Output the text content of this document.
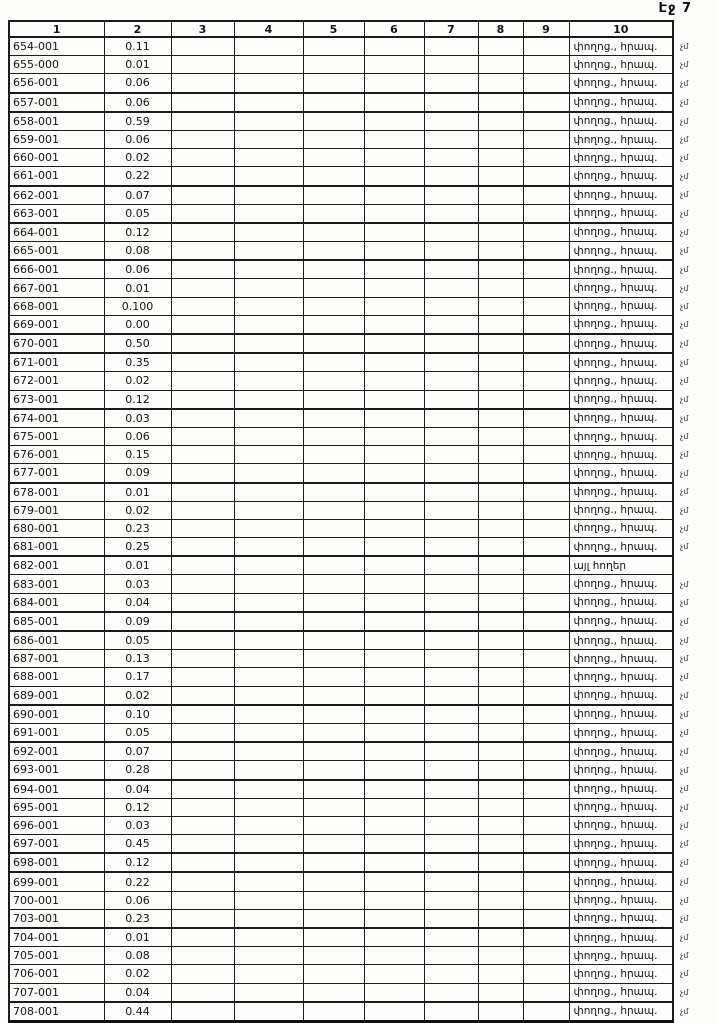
Էջ 7
1	2	3	4	5	6	7	8	9	10	
654-001	0.11								փողոց., հրապ.	չմ
655-000	0.01								փողոց., հրապ.	չմ
656-001	0.06								փողոց., հրապ.	չմ
657-001	0.06								փողոց., հրապ.	չմ
658-001	0.59								փողոց., հրապ.	չմ
659-001	0.06								փողոց., հրապ.	չմ
660-001	0.02								փողոց., հրապ.	չմ
661-001	0.22								փողոց., հրապ.	չմ
662-001	0.07								փողոց., հրապ.	չմ
663-001	0.05								փողոց., հրապ.	չմ
664-001	0.12								փողոց., հրապ.	չմ
665-001	0.08								փողոց., հրապ.	չմ
666-001	0.06								փողոց., հրապ.	չմ
667-001	0.01								փողոց., հրապ.	չմ
668-001	0.100								փողոց., հրապ.	չմ
669-001	0.00								փողոց., հրապ.	չմ
670-001	0.50								փողոց., հրապ.	չմ
671-001	0.35								փողոց., հրապ.	չմ
672-001	0.02								փողոց., հրապ.	չմ
673-001	0.12								փողոց., հրապ.	չմ
674-001	0.03								փողոց., հրապ.	չմ
675-001	0.06								փողոց., հրապ.	չմ
676-001	0.15								փողոց., հրապ.	չմ
677-001	0.09								փողոց., հրապ.	չմ
678-001	0.01								փողոց., հրապ.	չմ
679-001	0.02								փողոց., հրապ.	չմ
680-001	0.23								փողոց., հրապ.	չմ
681-001	0.25								փողոց., հրապ.	չմ
682-001	0.01								այլ հողեր	
683-001	0.03								փողոց., հրապ.	չմ
684-001	0.04								փողոց., հրապ.	չմ
685-001	0.09								փողոց., հրապ.	չմ
686-001	0.05								փողոց., հրապ.	չմ
687-001	0.13								փողոց., հրապ.	չմ
688-001	0.17								փողոց., հրապ.	չմ
689-001	0.02								փողոց., հրապ.	չմ
690-001	0.10								փողոց., հրապ.	չմ
691-001	0.05								փողոց., հրապ.	չմ
692-001	0.07								փողոց., հրապ.	չմ
693-001	0.28								փողոց., հրապ.	չմ
694-001	0.04								փողոց., հրապ.	չմ
695-001	0.12								փողոց., հրապ.	չմ
696-001	0.03								փողոց., հրապ.	չմ
697-001	0.45								փողոց., հրապ.	չմ
698-001	0.12								փողոց., հրապ.	չմ
699-001	0.22								փողոց., հրապ.	չմ
700-001	0.06								փողոց., հրապ.	չմ
703-001	0.23								փողոց., հրապ.	չմ
704-001	0.01								փողոց., հրապ.	չմ
705-001	0.08								փողոց., հրապ.	չմ
706-001	0.02								փողոց., հրապ.	չմ
707-001	0.04								փողոց., հրապ.	չմ
708-001	0.44								փողոց., հրապ.	չմ
